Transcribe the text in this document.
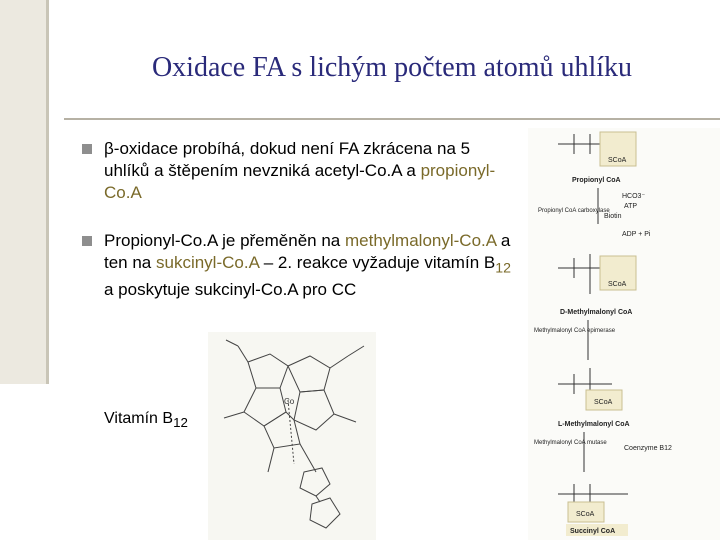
Oxidace FA s lichým počtem atomů uhlíku
β-oxidace probíhá, dokud není FA zkrácena na 5 uhlíků a štěpením nevzniká acetyl-Co.A a propionyl-Co.A
Propionyl-Co.A je přeměněn na methylmalonyl-Co.A a ten na sukcinyl-Co.A – 2. reakce vyžaduje vitamín $B_{12}$ a poskytuje sukcinyl-Co.A pro CC
Vitamín $B_{12}$
Co
SCoA
Propionyl CoA
HCO3⁻
ATP
Biotin
Propionyl CoA carboxylase
ADP + Pi
SCoA
D-Methylmalonyl CoA
Methylmalonyl CoA epimerase
SCoA
L-Methylmalonyl CoA
Methylmalonyl CoA mutase
Coenzyme B12
SCoA
Succinyl CoA
